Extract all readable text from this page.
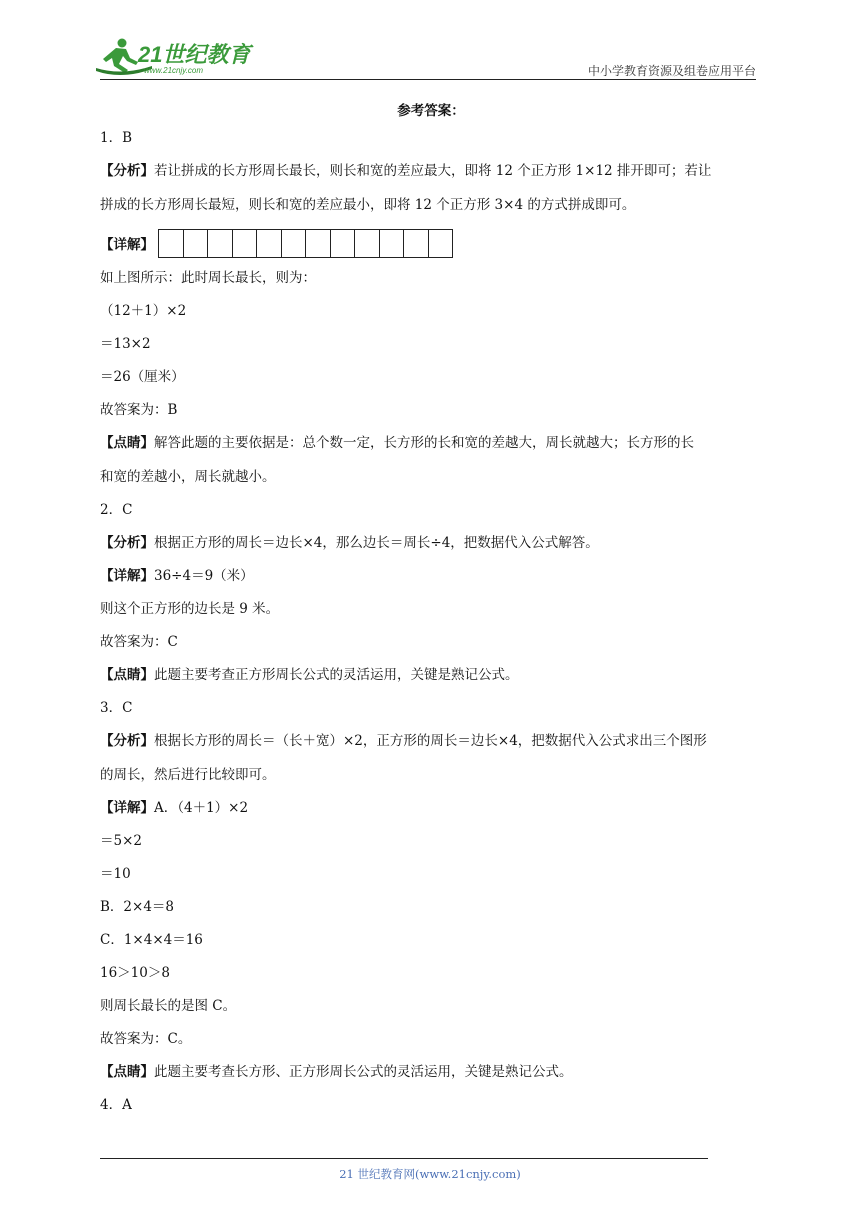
21世纪教育
www.21cnjy.com	中小学教育资源及组卷应用平台
参考答案：
1．B
【分析】若让拼成的长方形周长最长，则长和宽的差应最大，即将 12 个正方形 1×12 排开即可；若让
拼成的长方形周长最短，则长和宽的差应最小，即将 12 个正方形 3×4 的方式拼成即可。
【详解】
如上图所示：此时周长最长，则为：
（12＋1）×2
＝13×2
＝26（厘米）
故答案为：B
【点睛】解答此题的主要依据是：总个数一定，长方形的长和宽的差越大，周长就越大；长方形的长
和宽的差越小，周长就越小。
2．C
【分析】根据正方形的周长＝边长×4，那么边长＝周长÷4，把数据代入公式解答。
【详解】36÷4＝9（米）
则这个正方形的边长是 9 米。
故答案为：C
【点睛】此题主要考查正方形周长公式的灵活运用，关键是熟记公式。
3．C
【分析】根据长方形的周长＝（长＋宽）×2，正方形的周长＝边长×4，把数据代入公式求出三个图形
的周长，然后进行比较即可。
【详解】A．（4＋1）×2
＝5×2
＝10
B．2×4＝8
C．1×4×4＝16
16＞10＞8
则周长最长的是图 C。
故答案为：C。
【点睛】此题主要考查长方形、正方形周长公式的灵活运用，关键是熟记公式。
4．A
21 世纪教育网(www.21cnjy.com)
